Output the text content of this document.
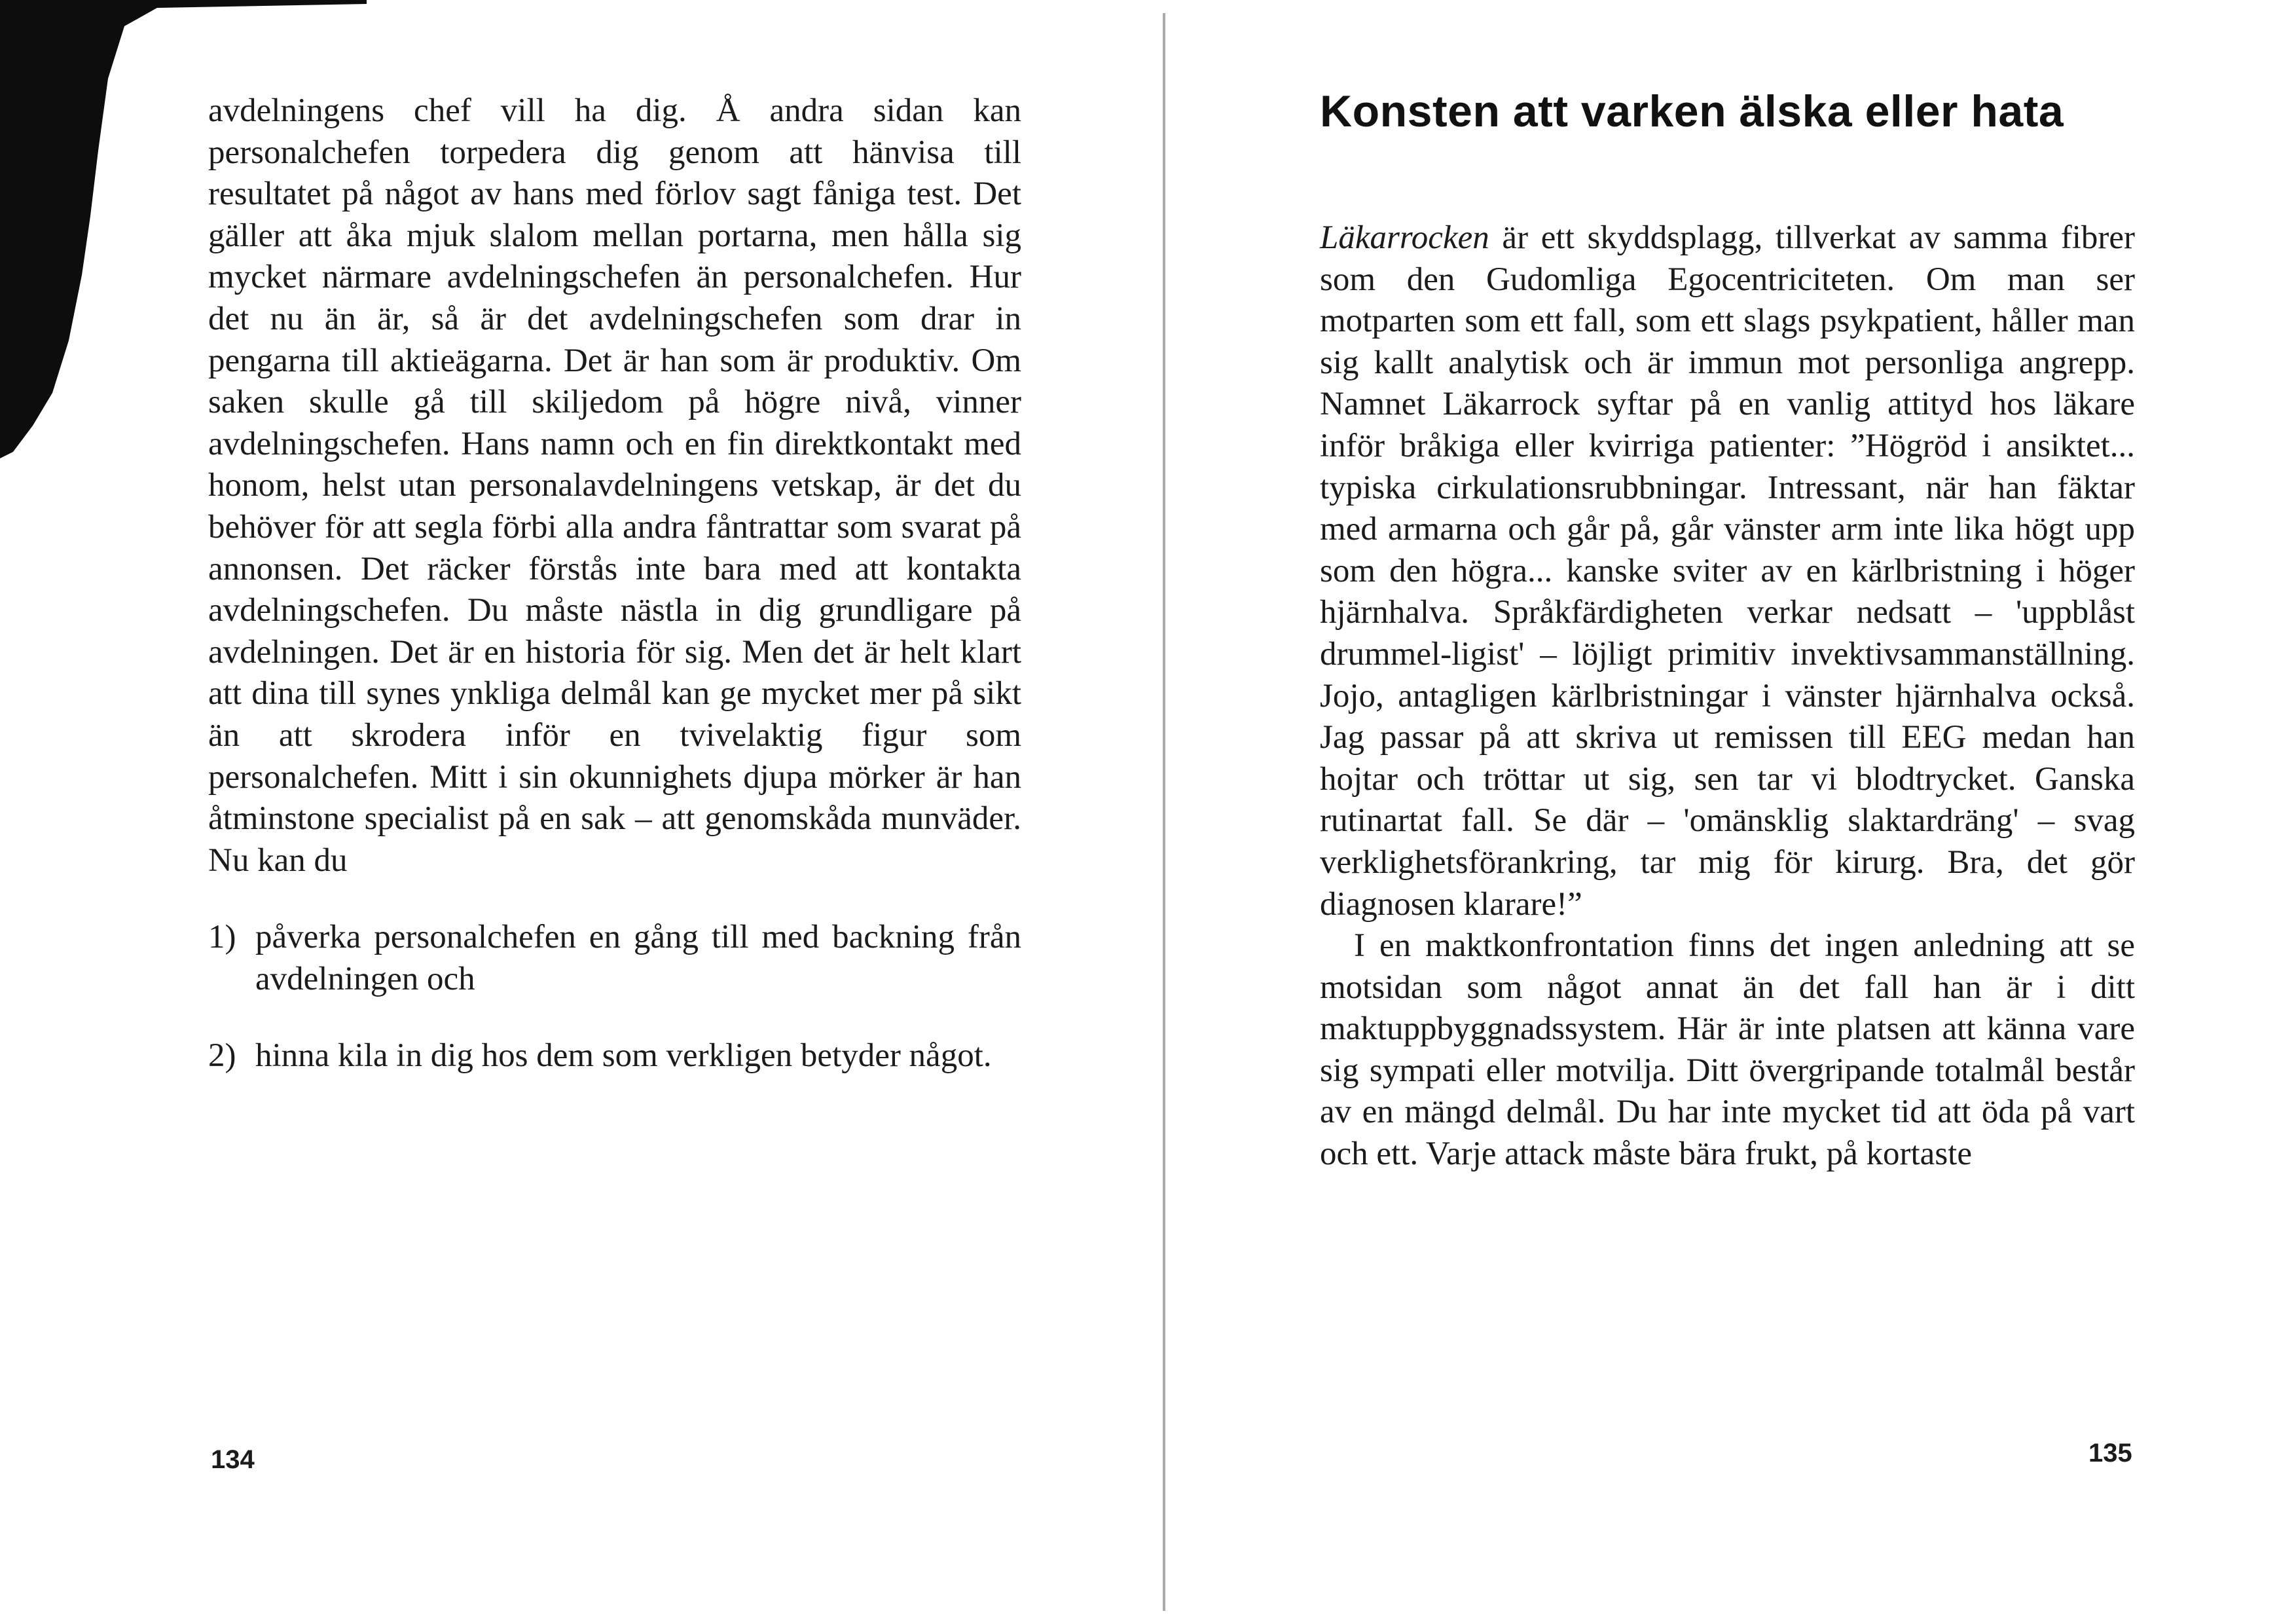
avdelningens chef vill ha dig. Å andra sidan kan personalchefen torpedera dig genom att hänvisa till resultatet på något av hans med förlov sagt fåniga test. Det gäller att åka mjuk slalom mellan portarna, men hålla sig mycket närmare avdelningschefen än personalchefen. Hur det nu än är, så är det avdelningschefen som drar in pengarna till aktieägarna. Det är han som är produktiv. Om saken skulle gå till skiljedom på högre nivå, vinner avdelningschefen. Hans namn och en fin direktkontakt med honom, helst utan personalavdelningens vetskap, är det du behöver för att segla förbi alla andra fåntrattar som svarat på annonsen. Det räcker förstås inte bara med att kontakta avdelningschefen. Du måste nästla in dig grundligare på avdelningen. Det är en historia för sig. Men det är helt klart att dina till synes ynkliga delmål kan ge mycket mer på sikt än att skrodera inför en tvivelaktig figur som personalchefen. Mitt i sin okunnighets djupa mörker är han åtminstone specialist på en sak – att genomskåda munväder. Nu kan du

1) påverka personalchefen en gång till med backning från avdelningen och
2) hinna kila in dig hos dem som verkligen betyder något.
134
Konsten att varken älska eller hata

Läkarrocken är ett skyddsplagg, tillverkat av samma fibrer som den Gudomliga Egocentriciteten. Om man ser motparten som ett fall, som ett slags psykpatient, håller man sig kallt analytisk och är immun mot personliga angrepp. Namnet Läkarrock syftar på en vanlig attityd hos läkare inför bråkiga eller kvirriga patienter: ”Högröd i ansiktet... typiska cirkulationsrubbningar. Intressant, när han fäktar med armarna och går på, går vänster arm inte lika högt upp som den högra... kanske sviter av en kärlbristning i höger hjärnhalva. Språkfärdigheten verkar nedsatt – 'uppblåst drummel-ligist' – löjligt primitiv invektivsammanställning. Jojo, antagligen kärlbristningar i vänster hjärnhalva också. Jag passar på att skriva ut remissen till EEG medan han hojtar och tröttar ut sig, sen tar vi blodtrycket. Ganska rutinartat fall. Se där – 'omänsklig slaktardräng' – svag verklighetsförankring, tar mig för kirurg. Bra, det gör diagnosen klarare!”

I en maktkonfrontation finns det ingen anledning att se motsidan som något annat än det fall han är i ditt maktuppbyggnadssystem. Här är inte platsen att känna vare sig sympati eller motvilja. Ditt övergripande totalmål består av en mängd delmål. Du har inte mycket tid att öda på vart och ett. Varje attack måste bära frukt, på kortaste

135
